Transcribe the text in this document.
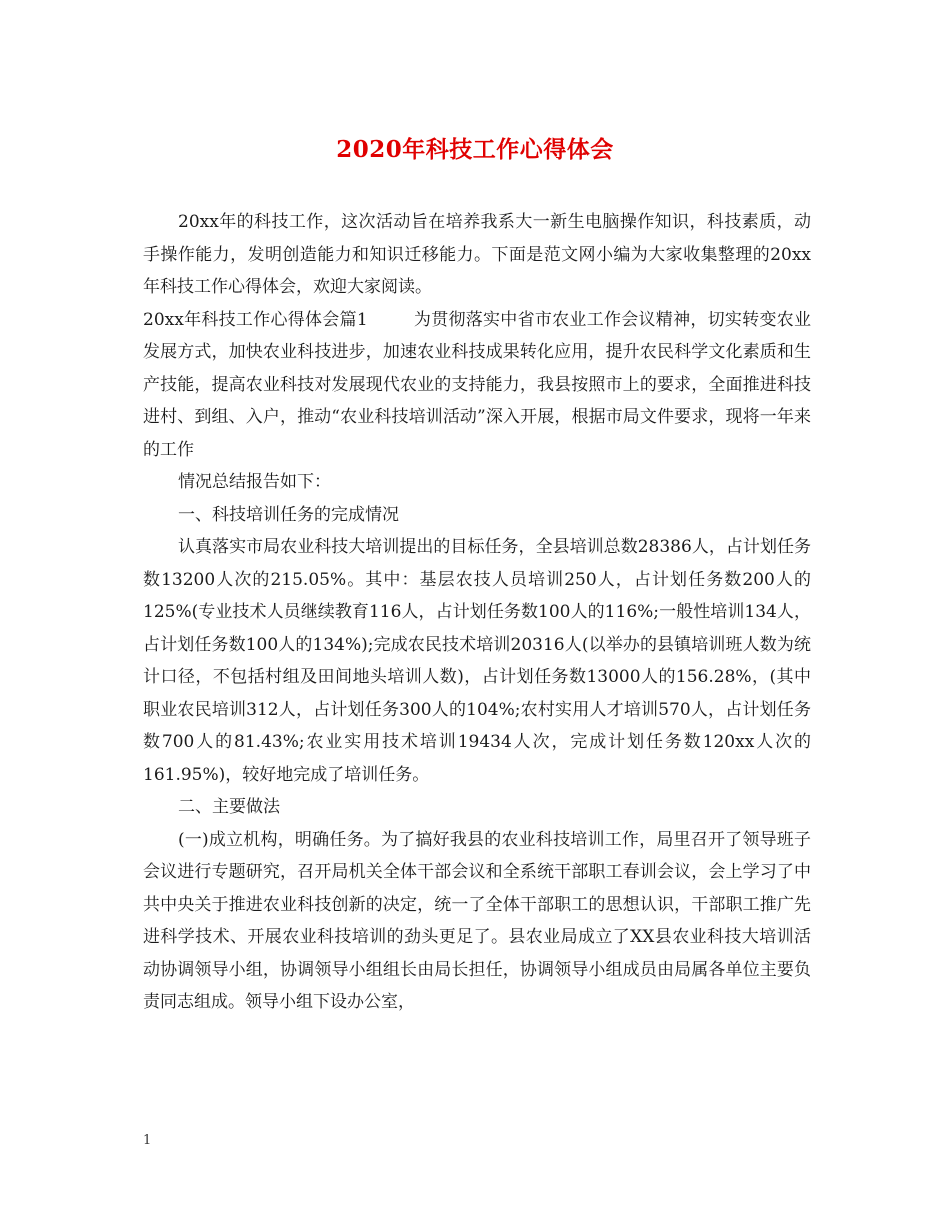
2020年科技工作心得体会

20xx年的科技工作，这次活动旨在培养我系大一新生电脑操作知识，科技素质，动手操作能力，发明创造能力和知识迁移能力。下面是范文网小编为大家收集整理的20xx年科技工作心得体会，欢迎大家阅读。

20xx年科技工作心得体会篇1	为贯彻落实中省市农业工作会议精神，切实转变农业发展方式，加快农业科技进步，加速农业科技成果转化应用，提升农民科学文化素质和生产技能，提高农业科技对发展现代农业的支持能力，我县按照市上的要求，全面推进科技进村、到组、入户，推动“农业科技培训活动”深入开展，根据市局文件要求，现将一年来的工作

情况总结报告如下：

一、科技培训任务的完成情况

认真落实市局农业科技大培训提出的目标任务，全县培训总数28386人，占计划任务数13200人次的215.05%。其中：基层农技人员培训250人，占计划任务数200人的125%(专业技术人员继续教育116人，占计划任务数100人的116%;一般性培训134人，占计划任务数100人的134%);完成农民技术培训20316人(以举办的县镇培训班人数为统计口径，不包括村组及田间地头培训人数)，占计划任务数13000人的156.28%，(其中职业农民培训312人，占计划任务300人的104%;农村实用人才培训570人，占计划任务数700人的81.43%;农业实用技术培训19434人次，完成计划任务数120xx人次的161.95%)，较好地完成了培训任务。

二、主要做法

(一)成立机构，明确任务。为了搞好我县的农业科技培训工作，局里召开了领导班子会议进行专题研究，召开局机关全体干部会议和全系统干部职工春训会议，会上学习了中共中央关于推进农业科技创新的决定，统一了全体干部职工的思想认识，干部职工推广先进科学技术、开展农业科技培训的劲头更足了。县农业局成立了XX县农业科技大培训活动协调领导小组，协调领导小组组长由局长担任，协调领导小组成员由局属各单位主要负责同志组成。领导小组下设办公室，

1
